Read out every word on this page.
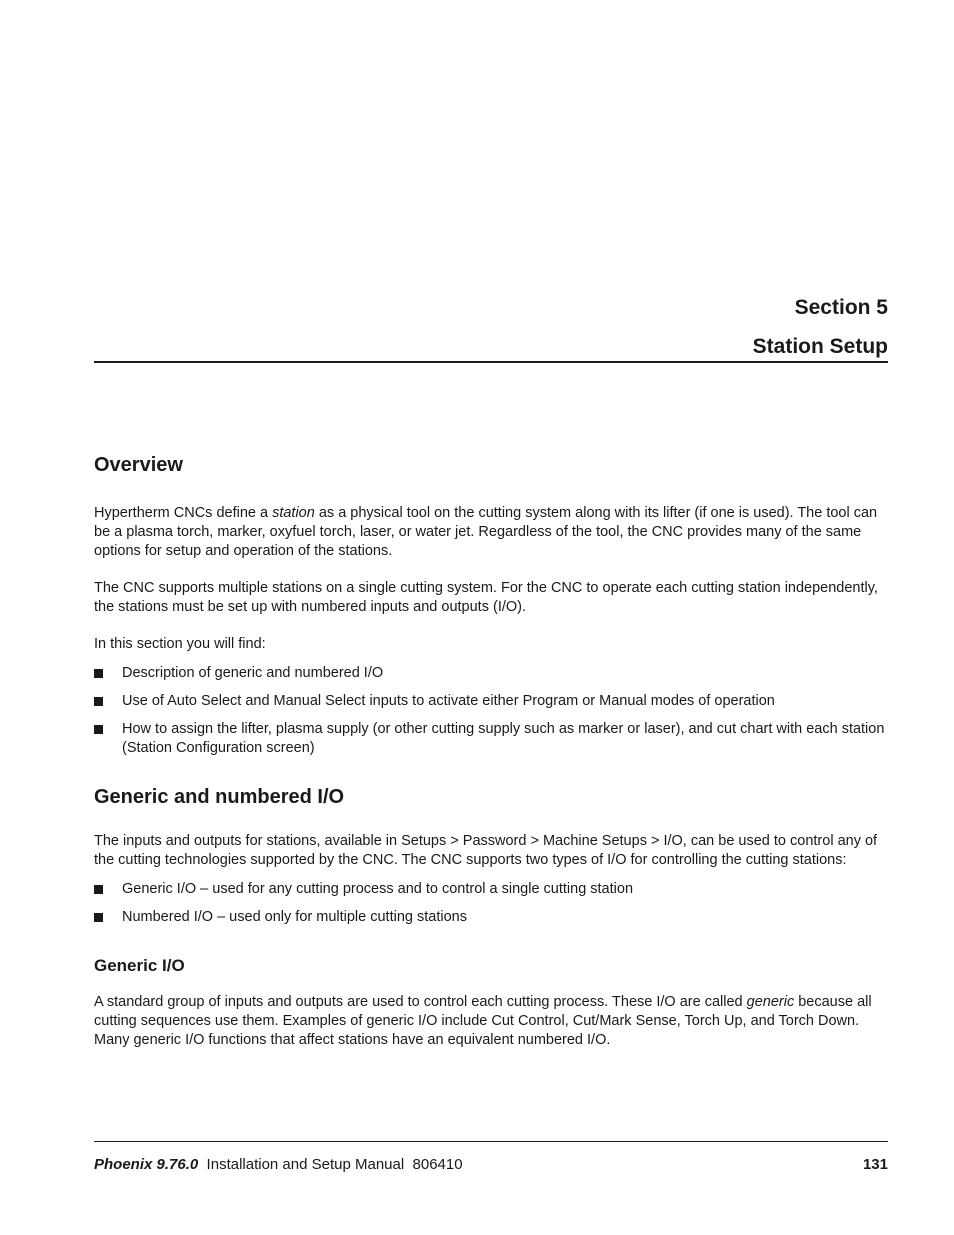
Section 5
Station Setup
Overview

Hypertherm CNCs define a station as a physical tool on the cutting system along with its lifter (if one is used). The tool can be a plasma torch, marker, oxyfuel torch, laser, or water jet. Regardless of the tool, the CNC provides many of the same options for setup and operation of the stations.

The CNC supports multiple stations on a single cutting system. For the CNC to operate each cutting station independently, the stations must be set up with numbered inputs and outputs (I/O).

In this section you will find:

Description of generic and numbered I/O
Use of Auto Select and Manual Select inputs to activate either Program or Manual modes of operation
How to assign the lifter, plasma supply (or other cutting supply such as marker or laser), and cut chart with each station (Station Configuration screen)
Generic and numbered I/O

The inputs and outputs for stations, available in Setups > Password > Machine Setups > I/O, can be used to control any of the cutting technologies supported by the CNC. The CNC supports two types of I/O for controlling the cutting stations:

Generic I/O – used for any cutting process and to control a single cutting station
Numbered I/O – used only for multiple cutting stations
Generic I/O

A standard group of inputs and outputs are used to control each cutting process. These I/O are called generic because all cutting sequences use them. Examples of generic I/O include Cut Control, Cut/Mark Sense, Torch Up, and Torch Down. Many generic I/O functions that affect stations have an equivalent numbered I/O.

Phoenix 9.76.0  Installation and Setup Manual  806410	131
